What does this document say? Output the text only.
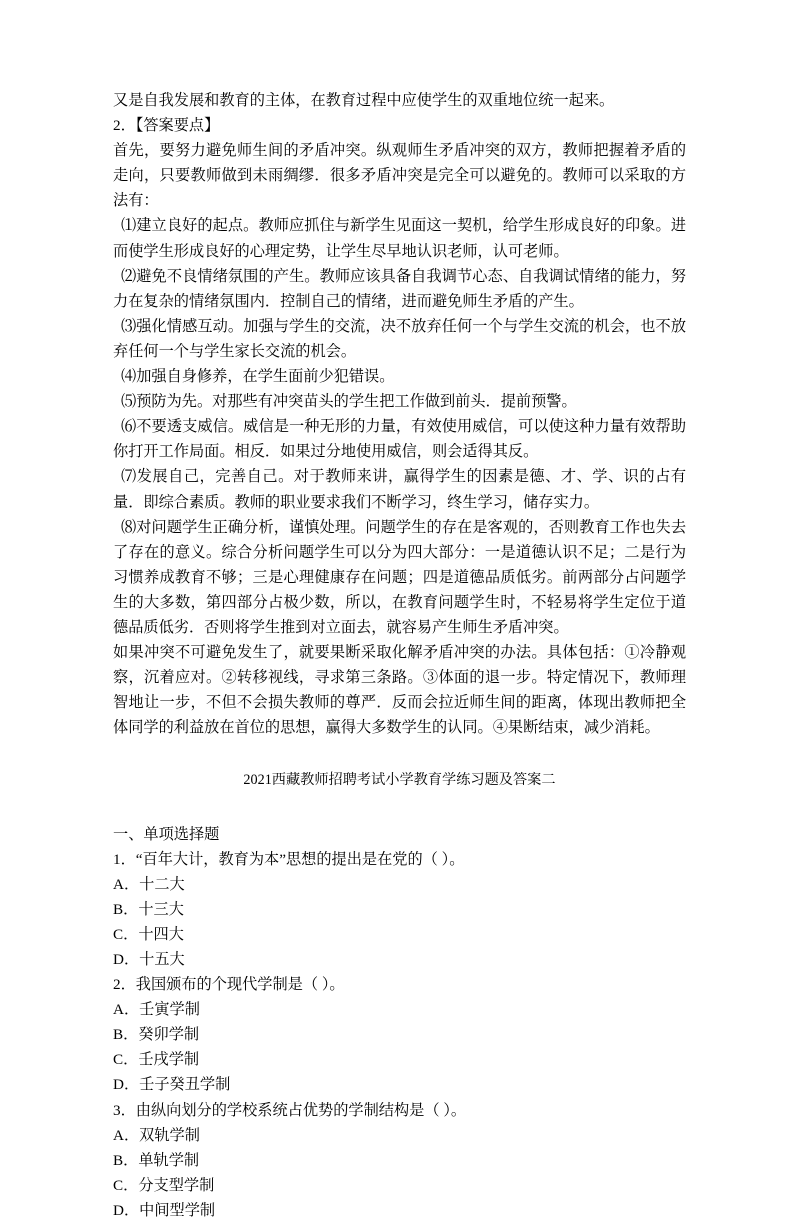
又是自我发展和教育的主体，在教育过程中应使学生的双重地位统一起来。

2．【答案要点】

首先，要努力避免师生间的矛盾冲突。纵观师生矛盾冲突的双方，教师把握着矛盾的走向，只要教师做到未雨绸缪．很多矛盾冲突是完全可以避免的。教师可以采取的方法有：

⑴建立良好的起点。教师应抓住与新学生见面这一契机，给学生形成良好的印象。进而使学生形成良好的心理定势，让学生尽早地认识老师，认可老师。

⑵避免不良情绪氛围的产生。教师应该具备自我调节心态、自我调试情绪的能力，努力在复杂的情绪氛围内．控制自己的情绪，进而避免师生矛盾的产生。

⑶强化情感互动。加强与学生的交流，决不放弃任何一个与学生交流的机会，也不放弃任何一个与学生家长交流的机会。

⑷加强自身修养，在学生面前少犯错误。

⑸预防为先。对那些有冲突苗头的学生把工作做到前头．提前预警。

⑹不要透支威信。威信是一种无形的力量，有效使用威信，可以使这种力量有效帮助你打开工作局面。相反．如果过分地使用威信，则会适得其反。

⑺发展自己，完善自己。对于教师来讲，赢得学生的因素是德、才、学、识的占有量．即综合素质。教师的职业要求我们不断学习，终生学习，储存实力。

⑻对问题学生正确分析，谨慎处理。问题学生的存在是客观的，否则教育工作也失去了存在的意义。综合分析问题学生可以分为四大部分：一是道德认识不足；二是行为习惯养成教育不够；三是心理健康存在问题；四是道德品质低劣。前两部分占问题学生的大多数，第四部分占极少数，所以，在教育问题学生时，不轻易将学生定位于道德品质低劣．否则将学生推到对立面去，就容易产生师生矛盾冲突。

如果冲突不可避免发生了，就要果断采取化解矛盾冲突的办法。具体包括：①冷静观察，沉着应对。②转移视线，寻求第三条路。③体面的退一步。特定情况下，教师理智地让一步，不但不会损失教师的尊严．反而会拉近师生间的距离，体现出教师把全体同学的利益放在首位的思想，赢得大多数学生的认同。④果断结束，减少消耗。

2021西藏教师招聘考试小学教育学练习题及答案二

一、单项选择题

1．“百年大计，教育为本”思想的提出是在党的（ ）。

A．十二大

B．十三大

C．十四大

D．十五大

2．我国颁布的个现代学制是（ ）。

A．壬寅学制

B．癸卯学制

C．壬戌学制

D．壬子癸丑学制

3．由纵向划分的学校系统占优势的学制结构是（ ）。

A．双轨学制

B．单轨学制

C．分支型学制

D．中间型学制
